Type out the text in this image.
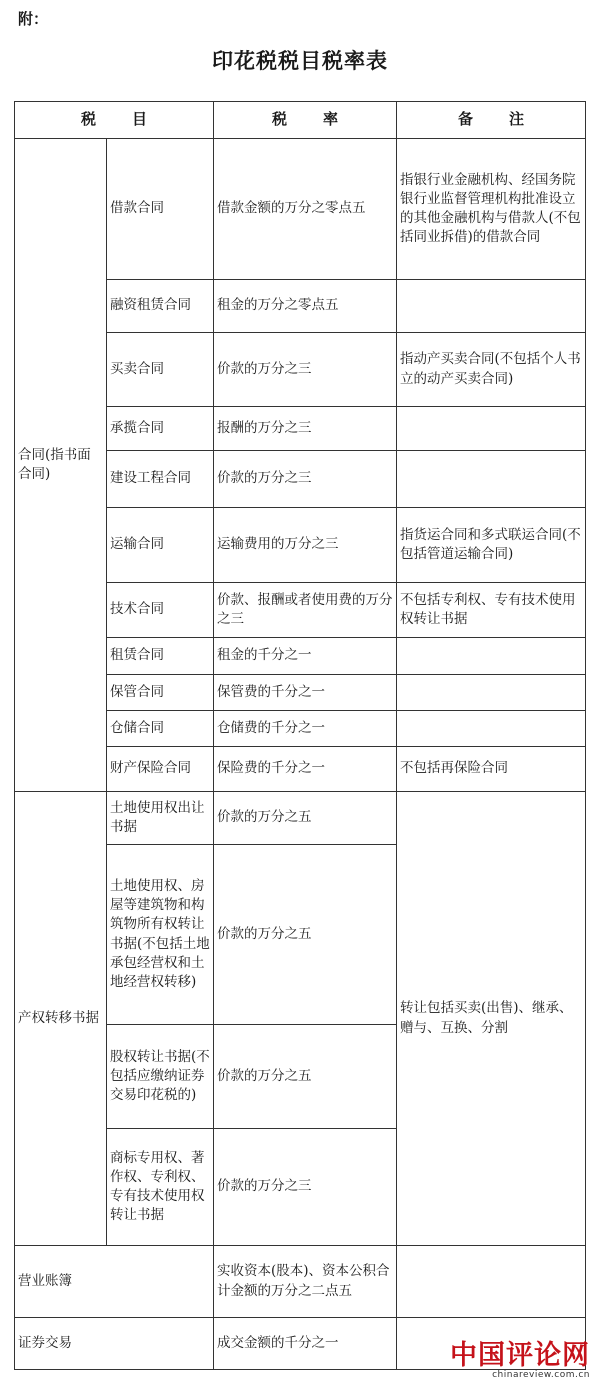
附：
印花税税目税率表
税目		税率	备注
合同(指书面合同)	借款合同	借款金额的万分之零点五	指银行业金融机构、经国务院银行业监督管理机构批准设立的其他金融机构与借款人(不包括同业拆借)的借款合同
	融资租赁合同	租金的万分之零点五	
	买卖合同	价款的万分之三	指动产买卖合同(不包括个人书立的动产买卖合同)
	承揽合同	报酬的万分之三	
	建设工程合同	价款的万分之三	
	运输合同	运输费用的万分之三	指货运合同和多式联运合同(不包括管道运输合同)
	技术合同	价款、报酬或者使用费的万分之三	不包括专利权、专有技术使用权转让书据
	租赁合同	租金的千分之一	
	保管合同	保管费的千分之一	
	仓储合同	仓储费的千分之一	
	财产保险合同	保险费的千分之一	不包括再保险合同
产权转移书据	土地使用权出让书据	价款的万分之五	转让包括买卖(出售)、继承、赠与、互换、分割
	土地使用权、房屋等建筑物和构筑物所有权转让书据(不包括土地承包经营权和土地经营权转移)	价款的万分之五	
	股权转让书据(不包括应缴纳证券交易印花税的)	价款的万分之五	
	商标专用权、著作权、专利权、专有技术使用权转让书据	价款的万分之三	
营业账簿		实收资本(股本)、资本公积合计金额的万分之二点五	
证券交易		成交金额的千分之一		中国评论网
chinareview.com.cn
